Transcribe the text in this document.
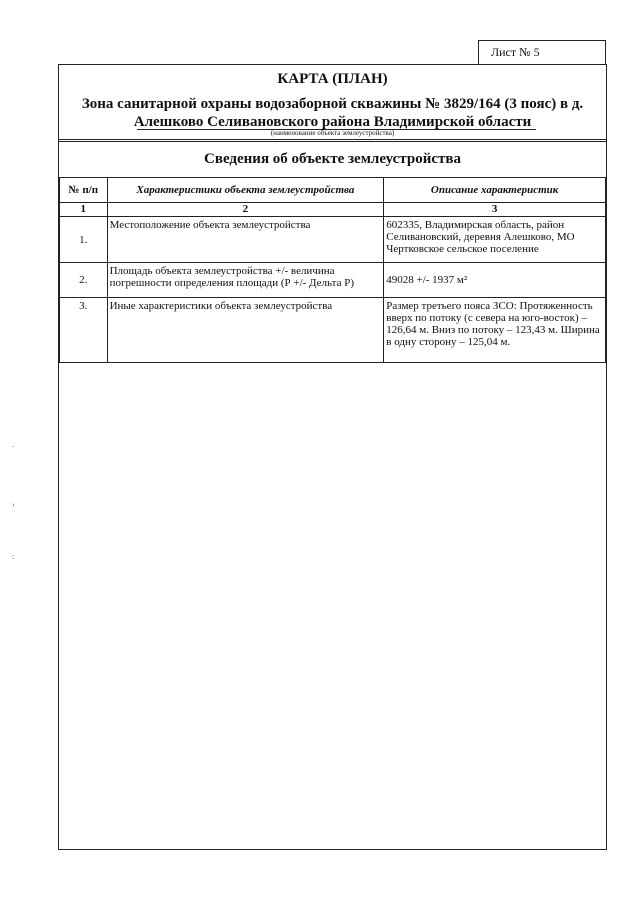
Лист № 5
КАРТА (ПЛАН)
Зона санитарной охраны водозаборной скважины № 3829/164 (3 пояс) в д. Алешково Селивановского района Владимирской области
(наименование объекта землеустройства)
Сведения об объекте землеустройства
№ п/п	Характеристики объекта землеустройства	Описание характеристик
1	2	3
1.	Местоположение объекта землеустройства	602335, Владимирская область, район Селивановский, деревня Алешково, МО Чертковское сельское поселение
2.	Площадь объекта землеустройства +/- величина погрешности определения площади (Р +/- Дельта Р)	49028 +/- 1937 м²
3.	Иные характеристики объекта землеустройства	Размер третьего пояса ЗСО: Протяженность вверх по потоку (с севера на юго-восток) – 126,64 м. Вниз по потоку – 123,43 м. Ширина в одну сторону – 125,04 м.
.
›
:
